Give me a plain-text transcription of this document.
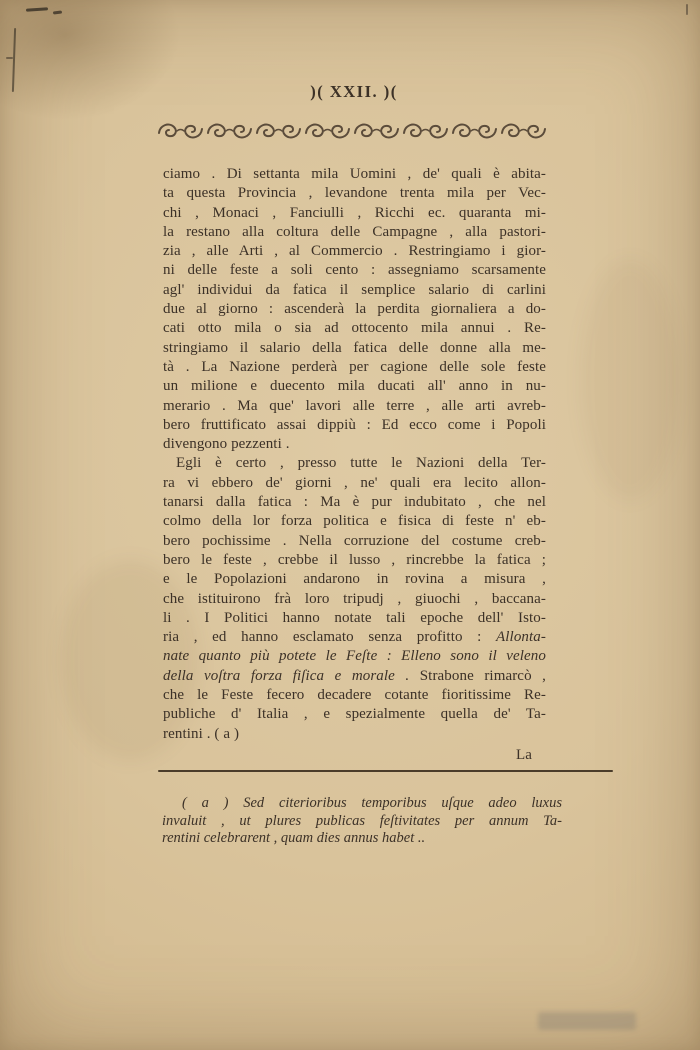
)( XXII. )(
ciamo . Di settanta mila Uomini , de' quali è abita-
ta questa Provincia , levandone trenta mila per Vec-
chi , Monaci , Fanciulli , Ricchi ec. quaranta mi-
la restano alla coltura delle Campagne , alla pastori-
zia , alle Arti , al Commercio . Restringiamo i gior-
ni delle feste a soli cento : assegniamo scarsamente
agl' individui da fatica il semplice salario di carlini
due al giorno : ascenderà la perdita giornaliera a do-
cati otto mila o sia ad ottocento mila annui . Re-
stringiamo il salario della fatica delle donne alla me-
tà . La Nazione perderà per cagione delle sole feste
un milione e duecento mila ducati all' anno in nu-
merario . Ma que' lavori alle terre , alle arti avreb-
bero fruttificato assai dippiù : Ed ecco come i Popoli
divengono pezzenti .
Egli è certo , presso tutte le Nazioni della Ter-
ra vi ebbero de' giorni , ne' quali era lecito allon-
tanarsi dalla fatica : Ma è pur indubitato , che nel
colmo della lor forza politica e fisica di feste n' eb-
bero pochissime . Nella corruzione del costume creb-
bero le feste , crebbe il lusso , rincrebbe la fatica ;
e le Popolazioni andarono in rovina a misura ,
che istituirono frà loro tripudj , giuochi , baccana-
li . I Politici hanno notate tali epoche dell' Isto-
ria , ed hanno esclamato senza profitto : Allonta-
nate quanto più potete le Feſte : Elleno sono il veleno
della voſtra forza fiſica e morale . Strabone rimarcò ,
che le Feste fecero decadere cotante fioritissime Re-
publiche d' Italia , e spezialmente quella de' Ta-
rentini . ( a )
La
( a ) Sed citerioribus temporibus uſque adeo luxus
invaluit , ut plures publicas feſtivitates per annum Ta-
rentini celebrarent , quam dies annus habet ..
